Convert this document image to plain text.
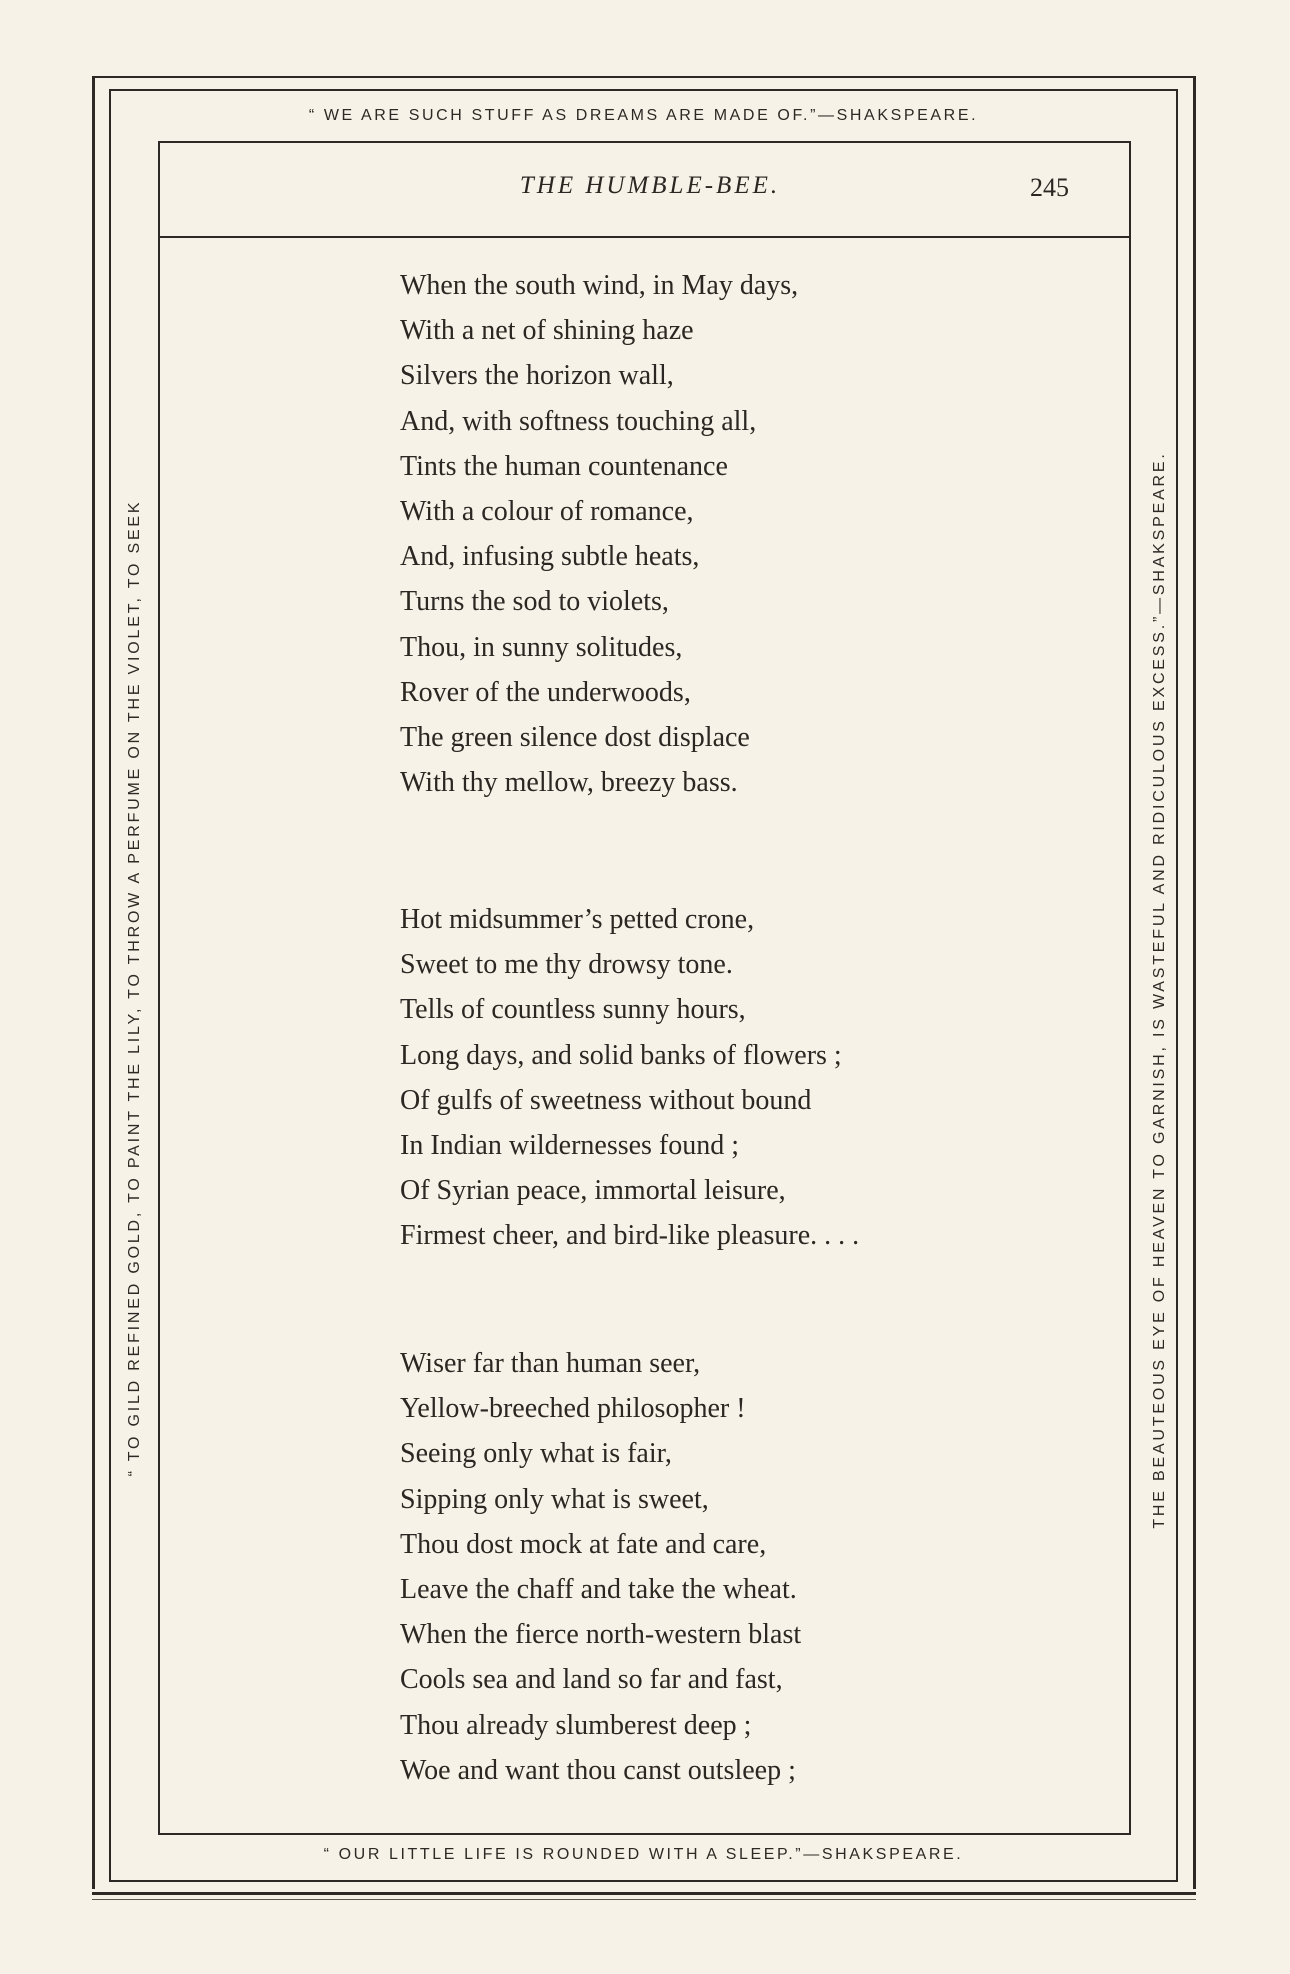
“ WE ARE SUCH STUFF AS DREAMS ARE MADE OF.”—SHAKSPEARE.
“ OUR LITTLE LIFE IS ROUNDED WITH A SLEEP.”—SHAKSPEARE.
“ TO GILD REFINED GOLD, TO PAINT THE LILY, TO THROW A PERFUME ON THE VIOLET, TO SEEK	THE BEAUTEOUS EYE OF HEAVEN TO GARNISH, IS WASTEFUL AND RIDICULOUS EXCESS.”—SHAKSPEARE.
THE HUMBLE-BEE.	245
When the south wind, in May days,
With a net of shining haze
Silvers the horizon wall,
And, with softness touching all,
Tints the human countenance
With a colour of romance,
And, infusing subtle heats,
Turns the sod to violets,
Thou, in sunny solitudes,
Rover of the underwoods,
The green silence dost displace
With thy mellow, breezy bass.
Hot midsummer’s petted crone,
Sweet to me thy drowsy tone.
Tells of countless sunny hours,
Long days, and solid banks of flowers ;
Of gulfs of sweetness without bound
In Indian wildernesses found ;
Of Syrian peace, immortal leisure,
Firmest cheer, and bird-like pleasure. . . .
Wiser far than human seer,
Yellow-breeched philosopher !
Seeing only what is fair,
Sipping only what is sweet,
Thou dost mock at fate and care,
Leave the chaff and take the wheat.
When the fierce north-western blast
Cools sea and land so far and fast,
Thou already slumberest deep ;
Woe and want thou canst outsleep ;
